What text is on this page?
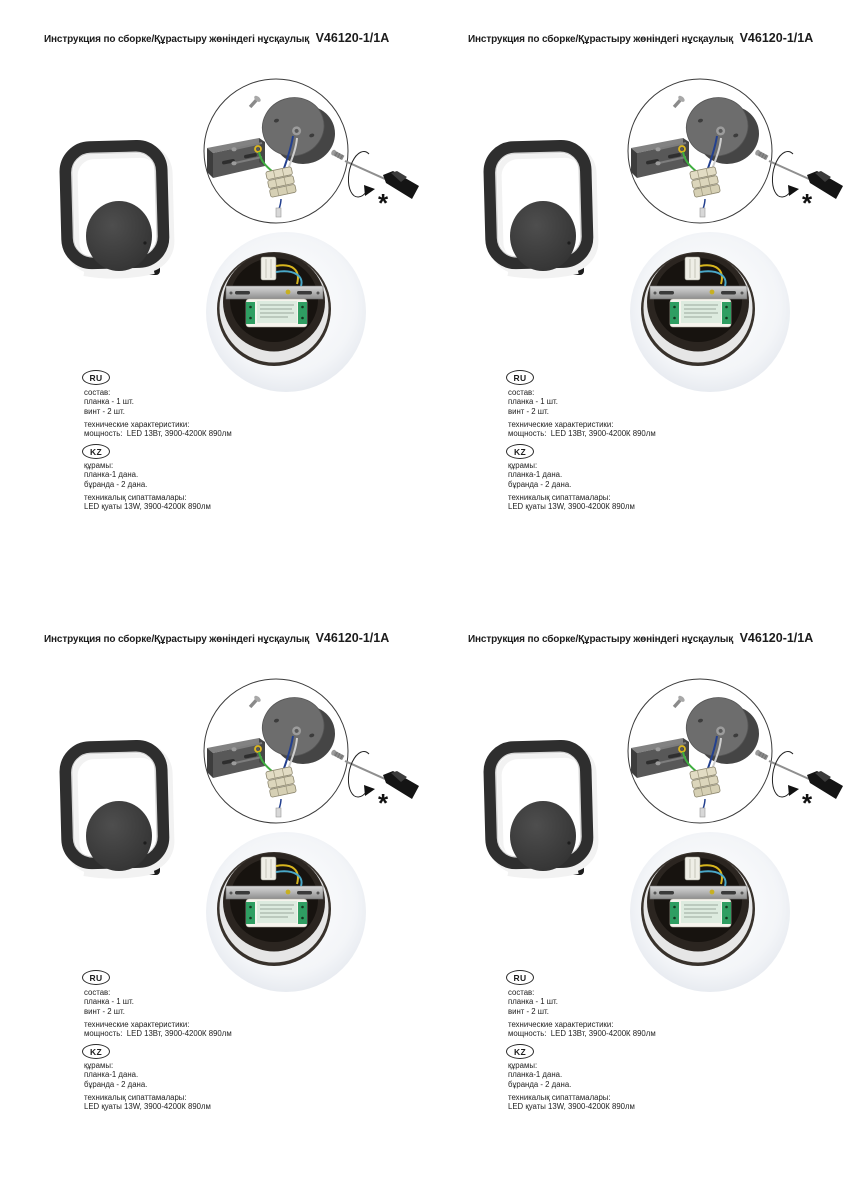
Инструкция по сборке/Құрастыру жөніндегі нұсқаулық V46120-1/1A
*
RU
состав:
планка - 1 шт.
винт - 2 шт.
технические характеристики:
мощность:  LED 13Вт, 3900-4200К 890лм
KZ
құрамы:
планка-1 дана.
бұранда - 2 дана.
техникалық сипаттамалары:
LED қуаты 13W, 3900-4200К 890лм
Инструкция по сборке/Құрастыру жөніндегі нұсқаулық V46120-1/1A
*
RU
состав:
планка - 1 шт.
винт - 2 шт.
технические характеристики:
мощность:  LED 13Вт, 3900-4200К 890лм
KZ
құрамы:
планка-1 дана.
бұранда - 2 дана.
техникалық сипаттамалары:
LED қуаты 13W, 3900-4200К 890лм
Инструкция по сборке/Құрастыру жөніндегі нұсқаулық V46120-1/1A
*
RU
состав:
планка - 1 шт.
винт - 2 шт.
технические характеристики:
мощность:  LED 13Вт, 3900-4200К 890лм
KZ
құрамы:
планка-1 дана.
бұранда - 2 дана.
техникалық сипаттамалары:
LED қуаты 13W, 3900-4200К 890лм
Инструкция по сборке/Құрастыру жөніндегі нұсқаулық V46120-1/1A
*
RU
состав:
планка - 1 шт.
винт - 2 шт.
технические характеристики:
мощность:  LED 13Вт, 3900-4200К 890лм
KZ
құрамы:
планка-1 дана.
бұранда - 2 дана.
техникалық сипаттамалары:
LED қуаты 13W, 3900-4200К 890лм
